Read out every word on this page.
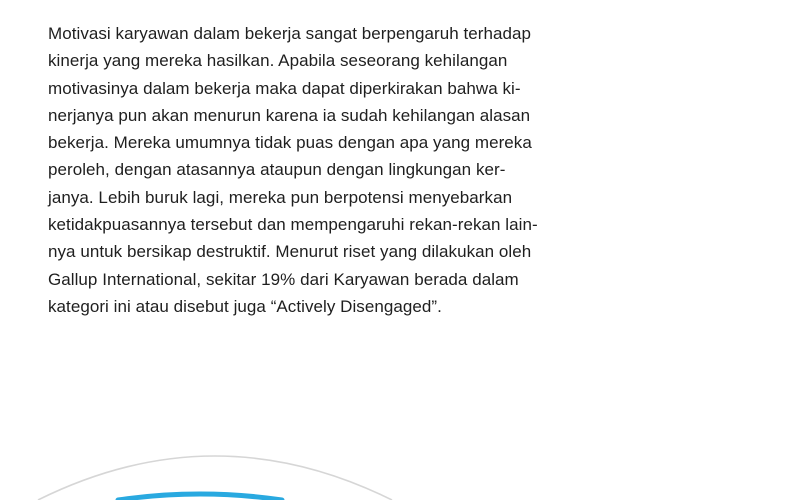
Motivasi karyawan dalam bekerja sangat berpengaruh terhadap
kinerja yang mereka hasilkan. Apabila seseorang kehilangan
motivasinya dalam bekerja maka dapat diperkirakan bahwa ki-
nerjanya pun akan menurun karena ia sudah kehilangan alasan
bekerja. Mereka umumnya tidak puas dengan apa yang mereka
peroleh, dengan atasannya ataupun dengan lingkungan ker-
janya. Lebih buruk lagi, mereka pun berpotensi menyebarkan
ketidakpuasannya tersebut dan mempengaruhi rekan-rekan lain-
nya untuk bersikap destruktif. Menurut riset yang dilakukan oleh
Gallup International, sekitar 19% dari Karyawan berada dalam
kategori ini atau disebut juga “Actively Disengaged”.
